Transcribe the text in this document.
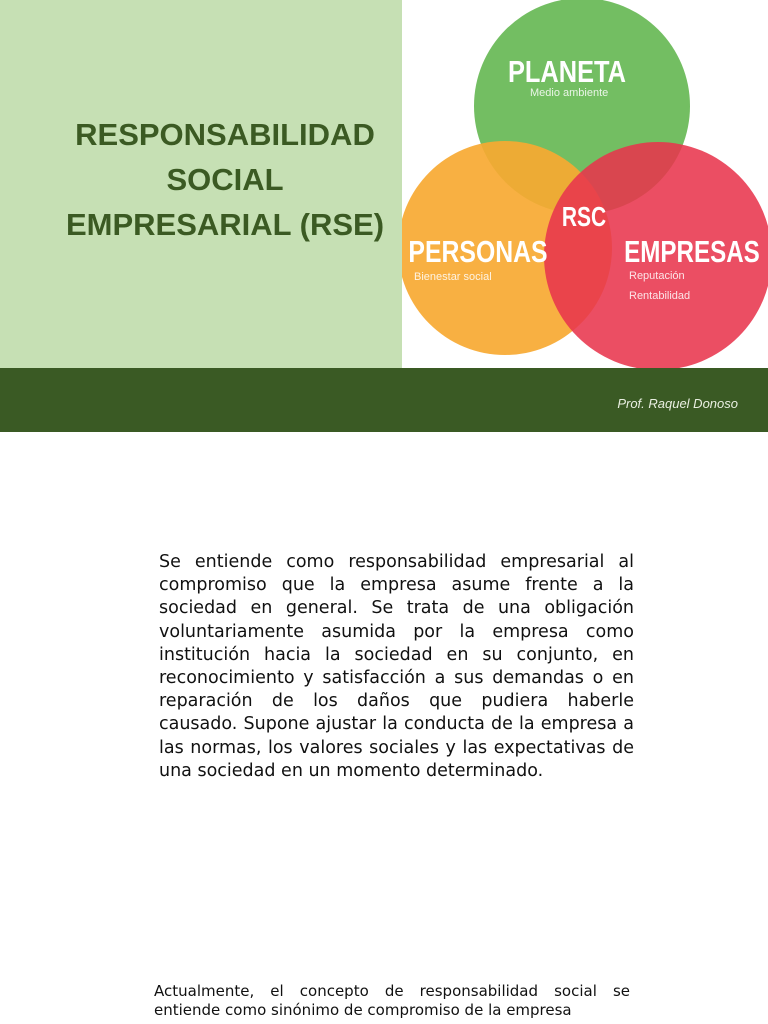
RESPONSABILIDAD
SOCIAL
EMPRESARIAL (RSE)
PLANETA
Medio ambiente
RSC
PERSONAS
Bienestar social
EMPRESAS
Reputación
Rentabilidad
Prof. Raquel Donoso

Se entiende como responsabilidad empresarial al compromiso que la empresa asume frente a la sociedad en general. Se trata de una obligación voluntariamente asumida por la empresa como institución hacia la sociedad en su conjunto, en reconocimiento y satisfacción a sus demandas o en reparación de los daños que pudiera haberle causado. Supone ajustar la conducta de la empresa a las normas, los valores sociales y las expectativas de una sociedad en un momento determinado.

Actualmente, el concepto de responsabilidad social se entiende como sinónimo de compromiso de la empresa
